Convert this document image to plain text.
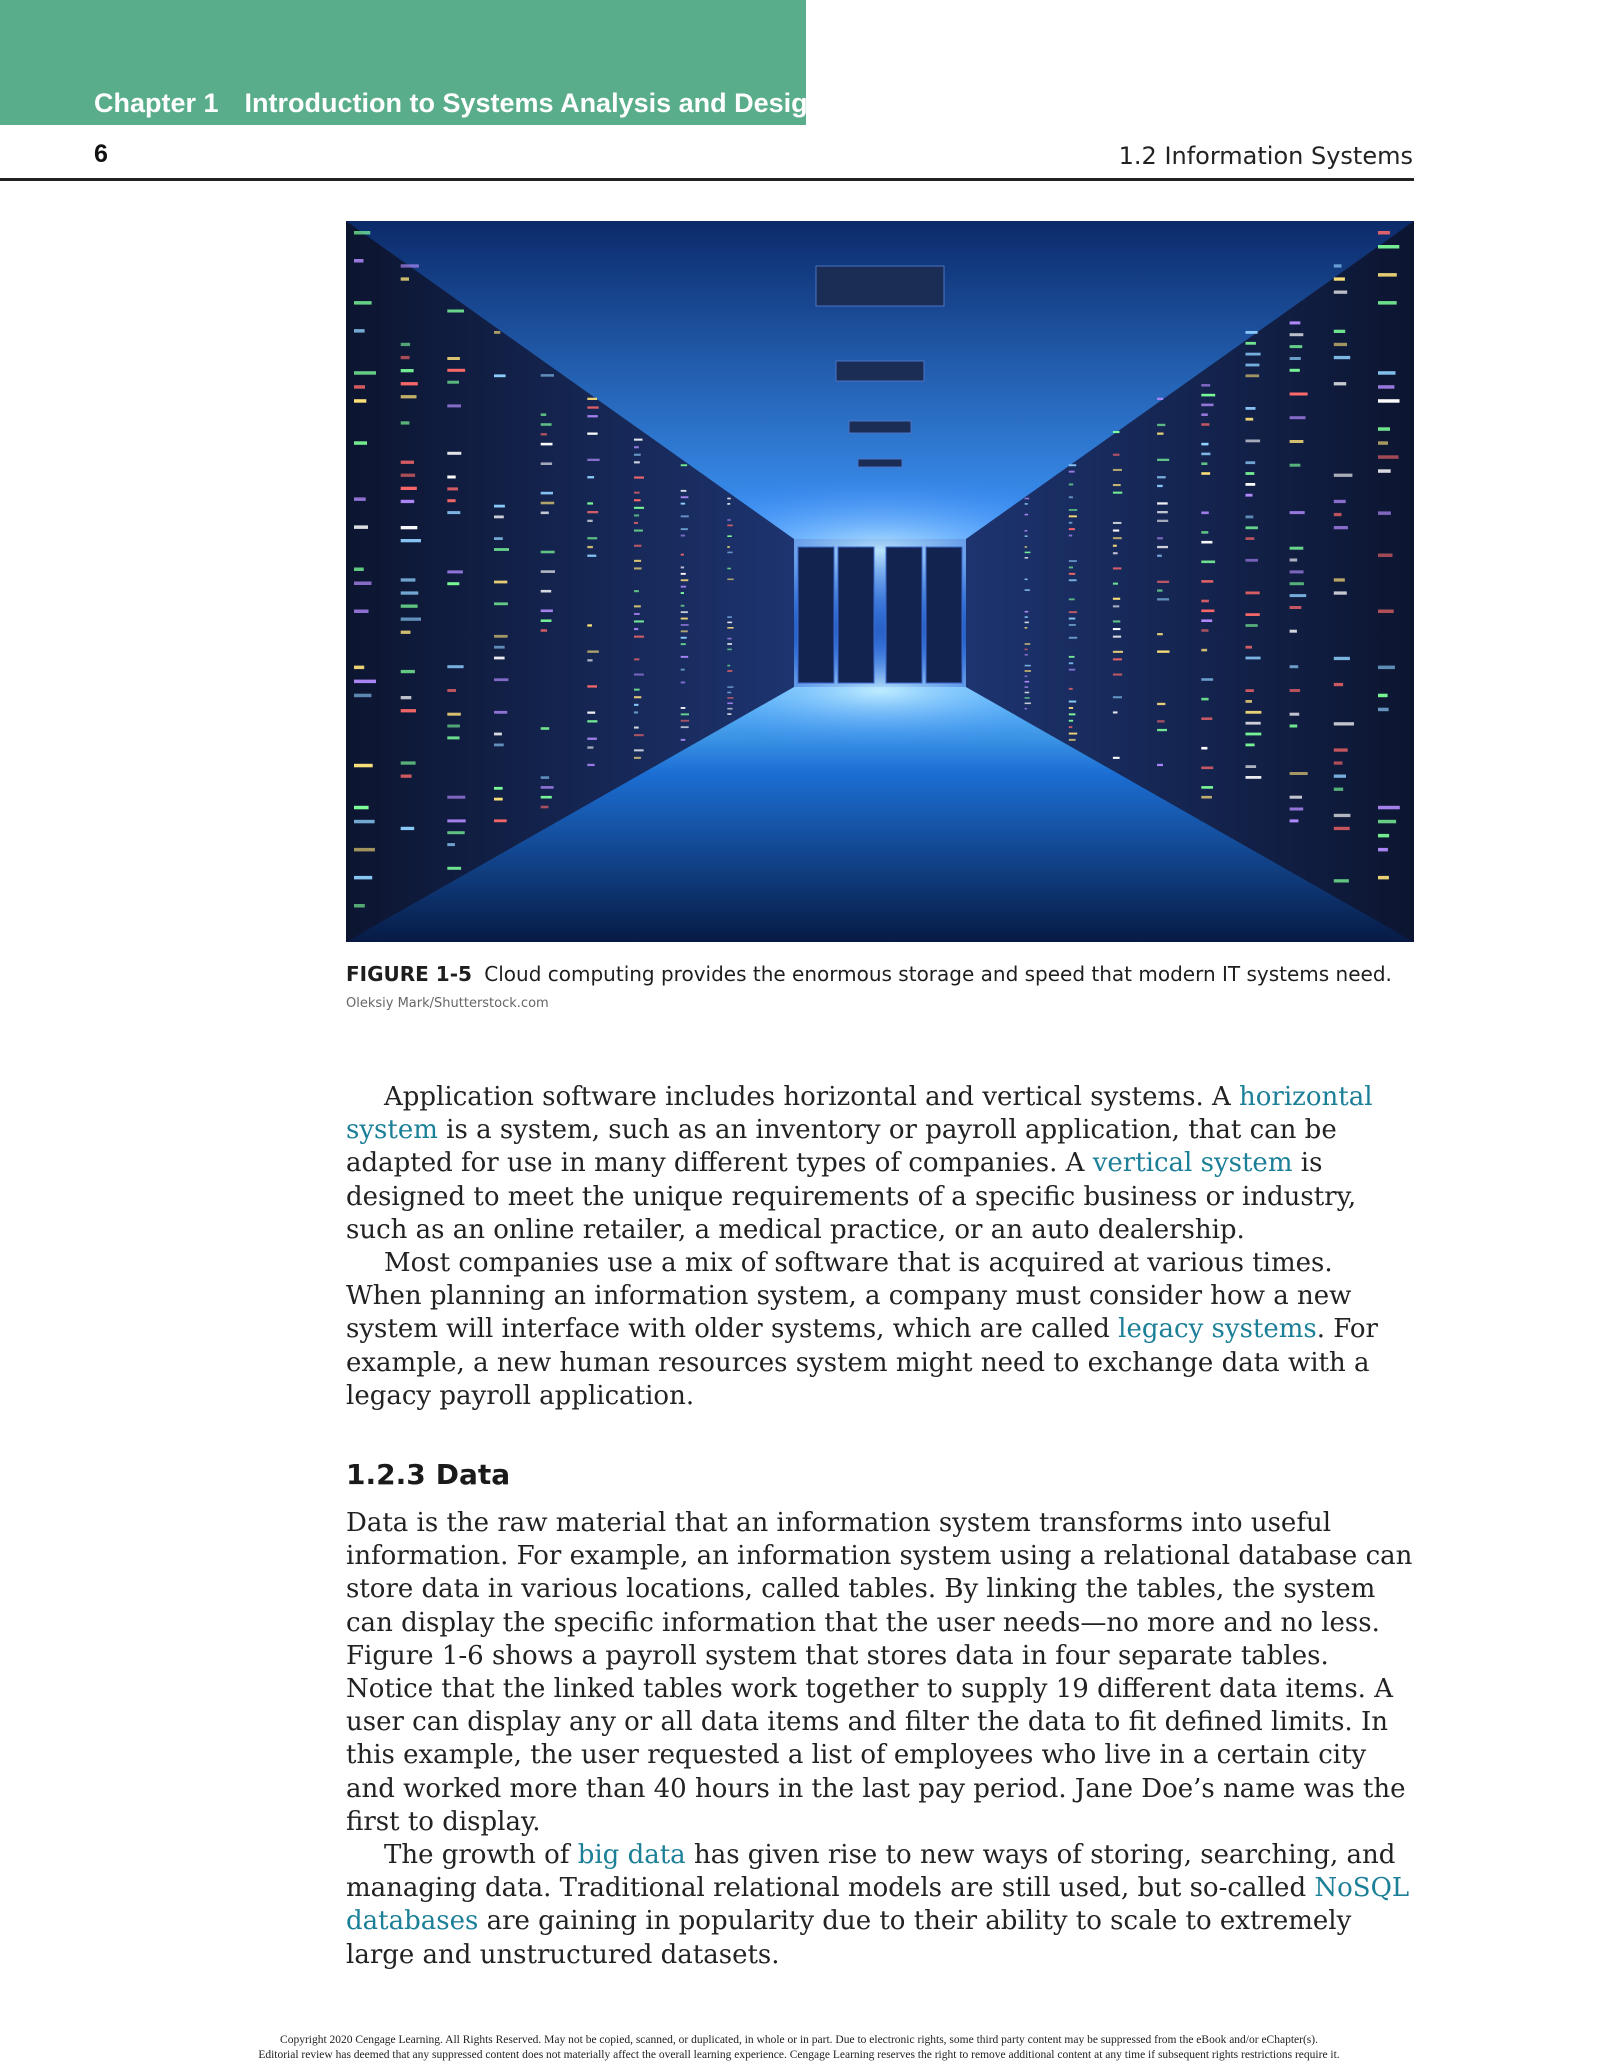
Chapter 1 Introduction to Systems Analysis and Design
6	1.2 Information Systems
FIGURE 1-5 Cloud computing provides the enormous storage and speed that modern IT systems need.
Oleksiy Mark/Shutterstock.com

Application software includes horizontal and vertical systems. A horizontal system is a system, such as an inventory or payroll application, that can be adapted for use in many different types of companies. A vertical system is designed to meet the unique requirements of a specific business or industry, such as an online retailer, a medical practice, or an auto dealership.

Most companies use a mix of software that is acquired at various times. When planning an information system, a company must consider how a new system will interface with older systems, which are called legacy systems. For example, a new human resources system might need to exchange data with a legacy payroll application.

1.2.3 Data

Data is the raw material that an information system transforms into useful information. For example, an information system using a relational database can store data in various locations, called tables. By linking the tables, the system can display the specific information that the user needs—no more and no less. Figure 1-6 shows a payroll system that stores data in four separate tables. Notice that the linked tables work together to supply 19 different data items. A user can display any or all data items and filter the data to fit defined limits. In this example, the user requested a list of employees who live in a certain city and worked more than 40 hours in the last pay period. Jane Doe’s name was the first to display.

The growth of big data has given rise to new ways of storing, searching, and managing data. Traditional relational models are still used, but so-called NoSQL databases are gaining in popularity due to their ability to scale to extremely large and unstructured datasets.

Copyright 2020 Cengage Learning. All Rights Reserved. May not be copied, scanned, or duplicated, in whole or in part. Due to electronic rights, some third party content may be suppressed from the eBook and/or eChapter(s).
Editorial review has deemed that any suppressed content does not materially affect the overall learning experience. Cengage Learning reserves the right to remove additional content at any time if subsequent rights restrictions require it.
